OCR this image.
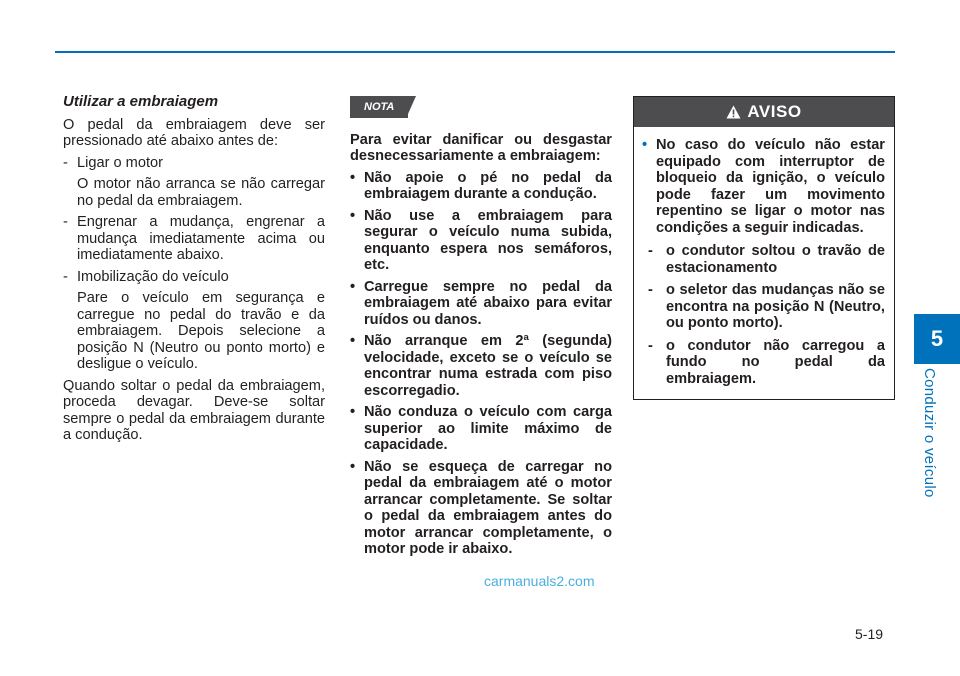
5
Conduzir o veículo
Utilizar a embraiagem

O pedal da embraiagem deve ser pressionado até abaixo antes de:

- Ligar o motor
O motor não arranca se não carregar no pedal da embraiagem.
- Engrenar a mudança, engrenar a mudança imediatamente acima ou imediatamente abaixo.
- Imobilização do veículo
Pare o veículo em segurança e carregue no pedal do travão e da embraiagem. Depois selecione a posição N (Neutro ou ponto morto) e desligue o veículo.

Quando soltar o pedal da embraiagem, proceda devagar. Deve-se soltar sempre o pedal da embraiagem durante a condução.

NOTA

Para evitar danificar ou desgastar desnecessariamente a embraiagem:

• Não apoie o pé no pedal da embraiagem durante a condução.
• Não use a embraiagem para segurar o veículo numa subida, enquanto espera nos semáforos, etc.
• Carregue sempre no pedal da embraiagem até abaixo para evitar ruídos ou danos.
• Não arranque em 2ª (segunda) velocidade, exceto se o veículo se encontrar numa estrada com piso escorregadio.
• Não conduza o veículo com carga superior ao limite máximo de capacidade.
• Não se esqueça de carregar no pedal da embraiagem até o motor arrancar completamente. Se soltar o pedal da embraiagem antes do motor arrancar completamente, o motor pode ir abaixo.
AVISO
• No caso do veículo não estar equipado com interruptor de bloqueio da ignição, o veículo pode fazer um movimento repentino se ligar o motor nas condições a seguir indicadas.
- o condutor soltou o travão de estacionamento
- o seletor das mudanças não se encontra na posição N (Neutro, ou ponto morto).
- o condutor não carregou a fundo no pedal da embraiagem.
carmanuals2.com
5-19
